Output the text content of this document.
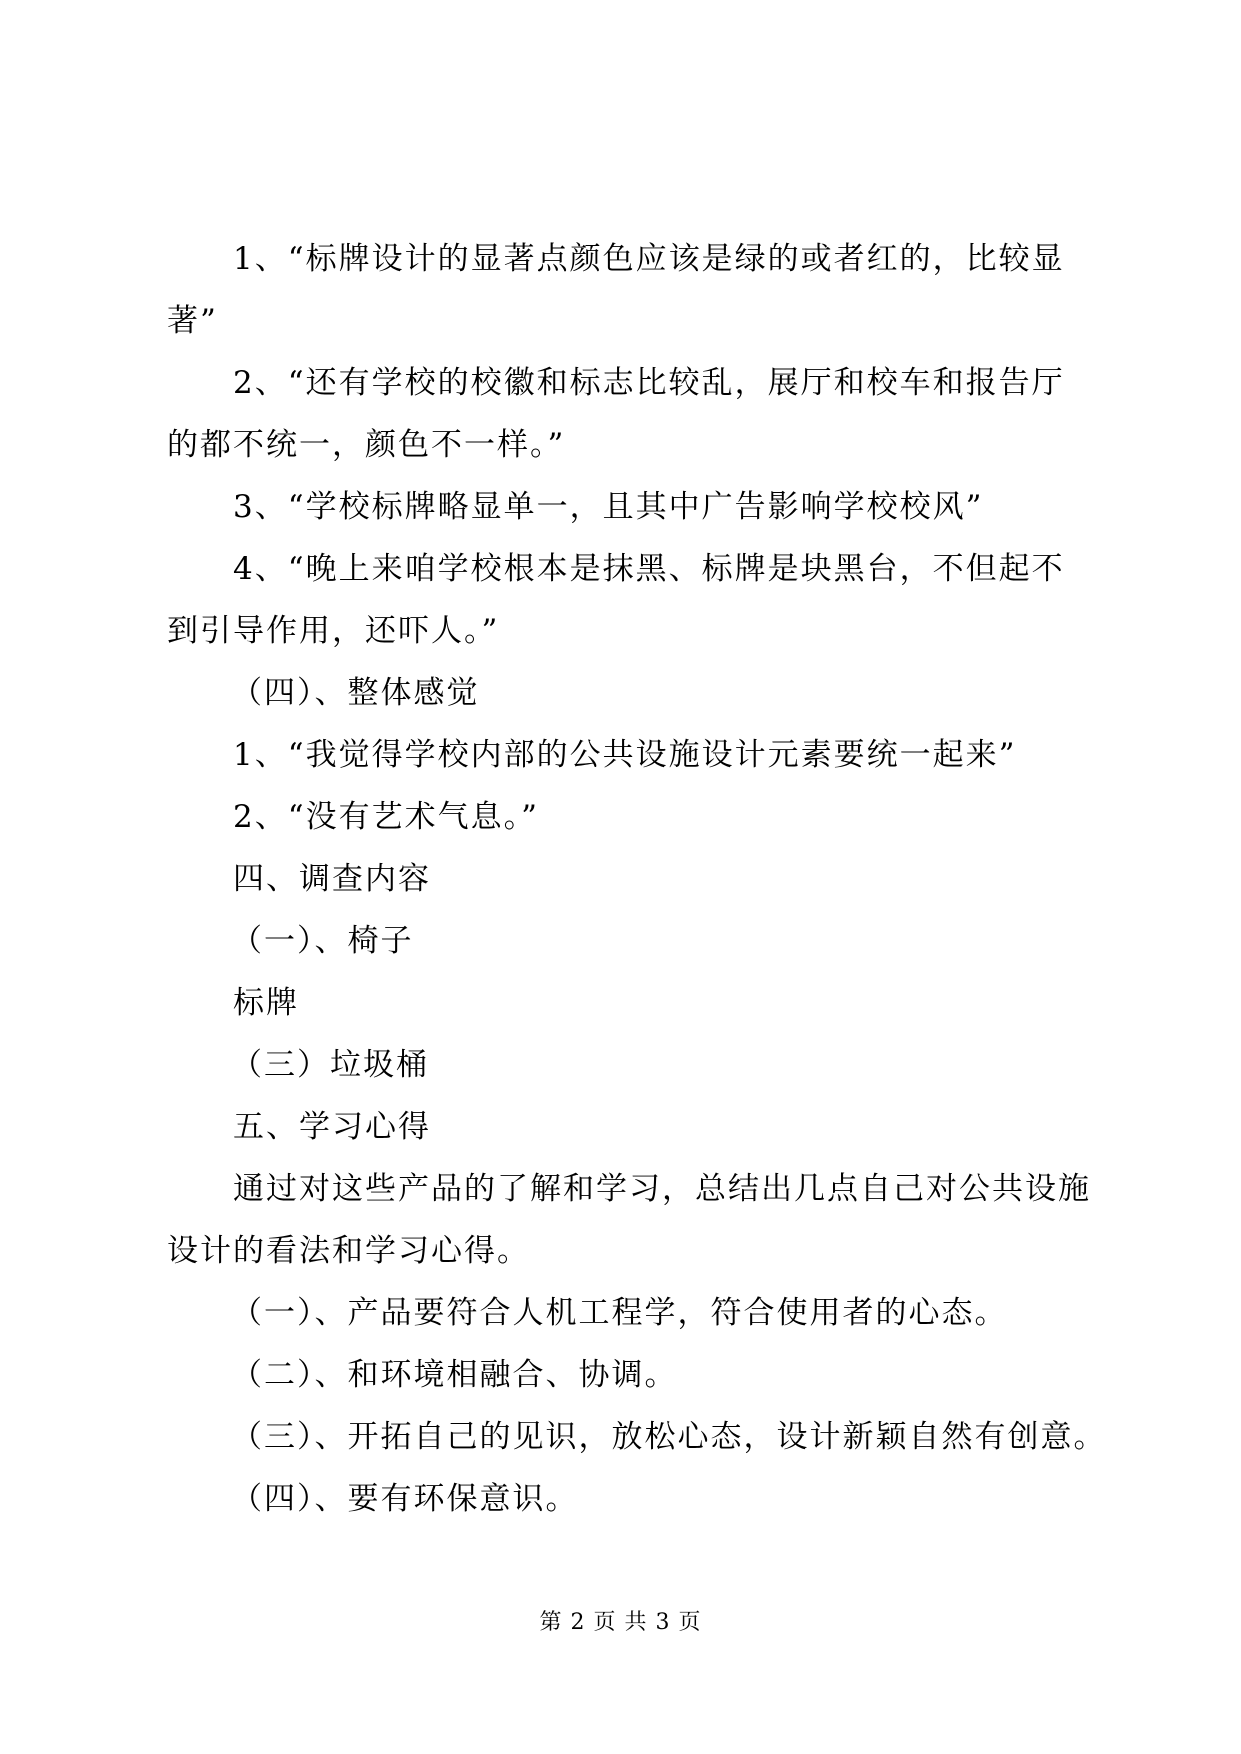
1、“标牌设计的显著点颜色应该是绿的或者红的，比较显
著”
2、“还有学校的校徽和标志比较乱，展厅和校车和报告厅
的都不统一，颜色不一样。”
3、“学校标牌略显单一，且其中广告影响学校校风”
4、“晚上来咱学校根本是抹黑、标牌是块黑台，不但起不
到引导作用，还吓人。”
（四）、整体感觉
1、“我觉得学校内部的公共设施设计元素要统一起来”
2、“没有艺术气息。”
四、调查内容
（一）、椅子
标牌
（三）垃圾桶
五、学习心得
通过对这些产品的了解和学习，总结出几点自己对公共设施
设计的看法和学习心得。
（一）、产品要符合人机工程学，符合使用者的心态。
（二）、和环境相融合、协调。
（三）、开拓自己的见识，放松心态，设计新颖自然有创意。
（四）、要有环保意识。
第 2 页 共 3 页
